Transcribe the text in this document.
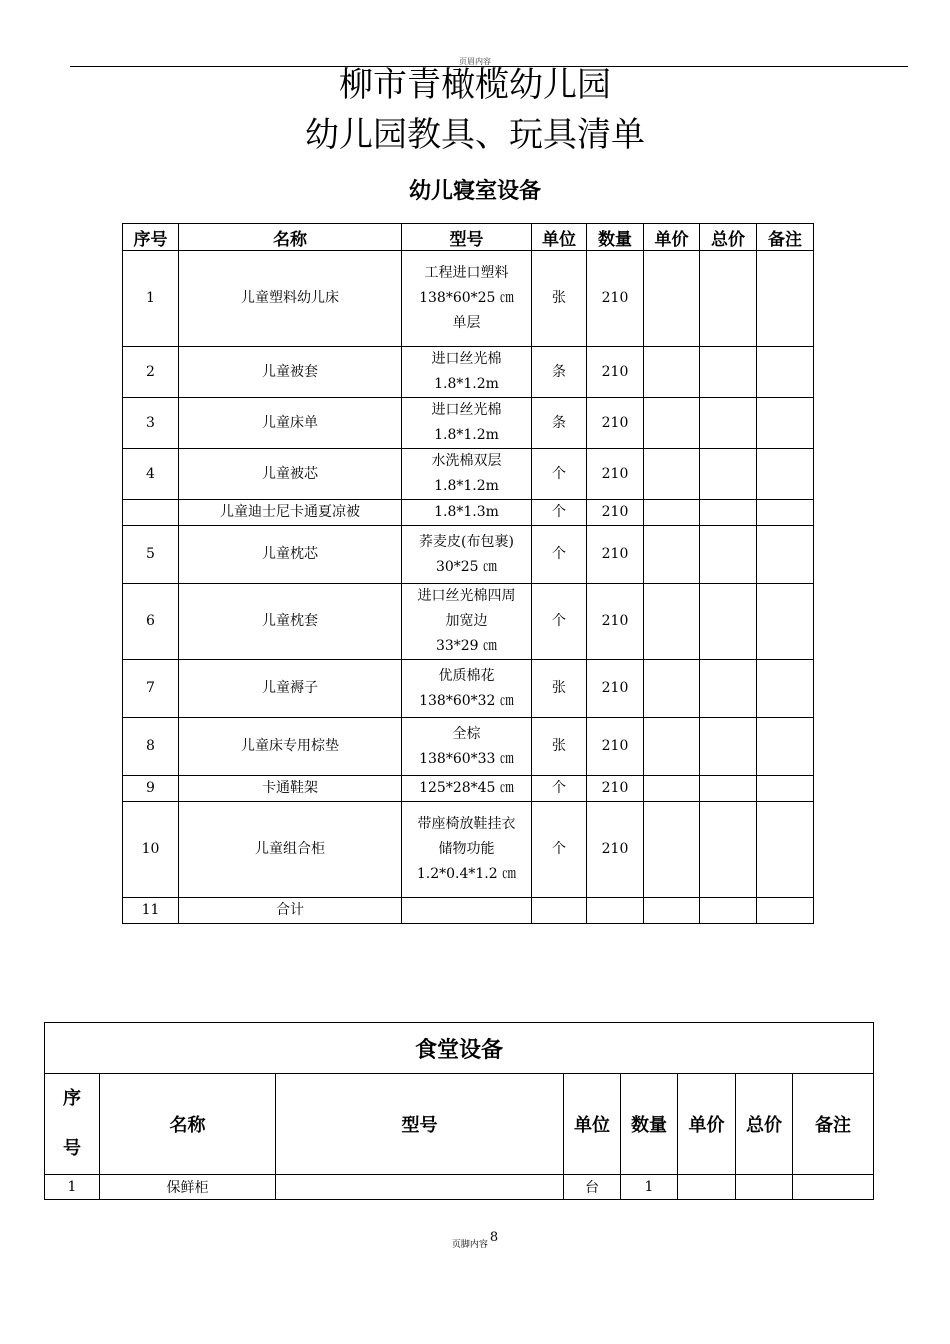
页眉内容
柳市青橄榄幼儿园
幼儿园教具、玩具清单
幼儿寝室设备
序号	名称	型号	单位	数量	单价	总价	备注
1	儿童塑料幼儿床	工程进口塑料
138*60*25 ㎝
单层	张	210			
2	儿童被套	进口丝光棉
1.8*1.2m	条	210			
3	儿童床单	进口丝光棉
1.8*1.2m	条	210			
4	儿童被芯	水洗棉双层
1.8*1.2m	个	210			
	儿童迪士尼卡通夏凉被	1.8*1.3m	个	210			
5	儿童枕芯	荞麦皮(布包裹)
30*25 ㎝	个	210			
6	儿童枕套	进口丝光棉四周
加宽边
33*29 ㎝	个	210			
7	儿童褥子	优质棉花
138*60*32 ㎝	张	210			
8	儿童床专用棕垫	全棕
138*60*33 ㎝	张	210			
9	卡通鞋架	125*28*45 ㎝	个	210			
10	儿童组合柜	带座椅放鞋挂衣
储物功能
1.2*0.4*1.2 ㎝	个	210			
11	合计	

食堂设备							

序
号	名称	型号	单位	数量	单价	总价	备注
1	保鲜柜		台	1			
页脚内容 8
